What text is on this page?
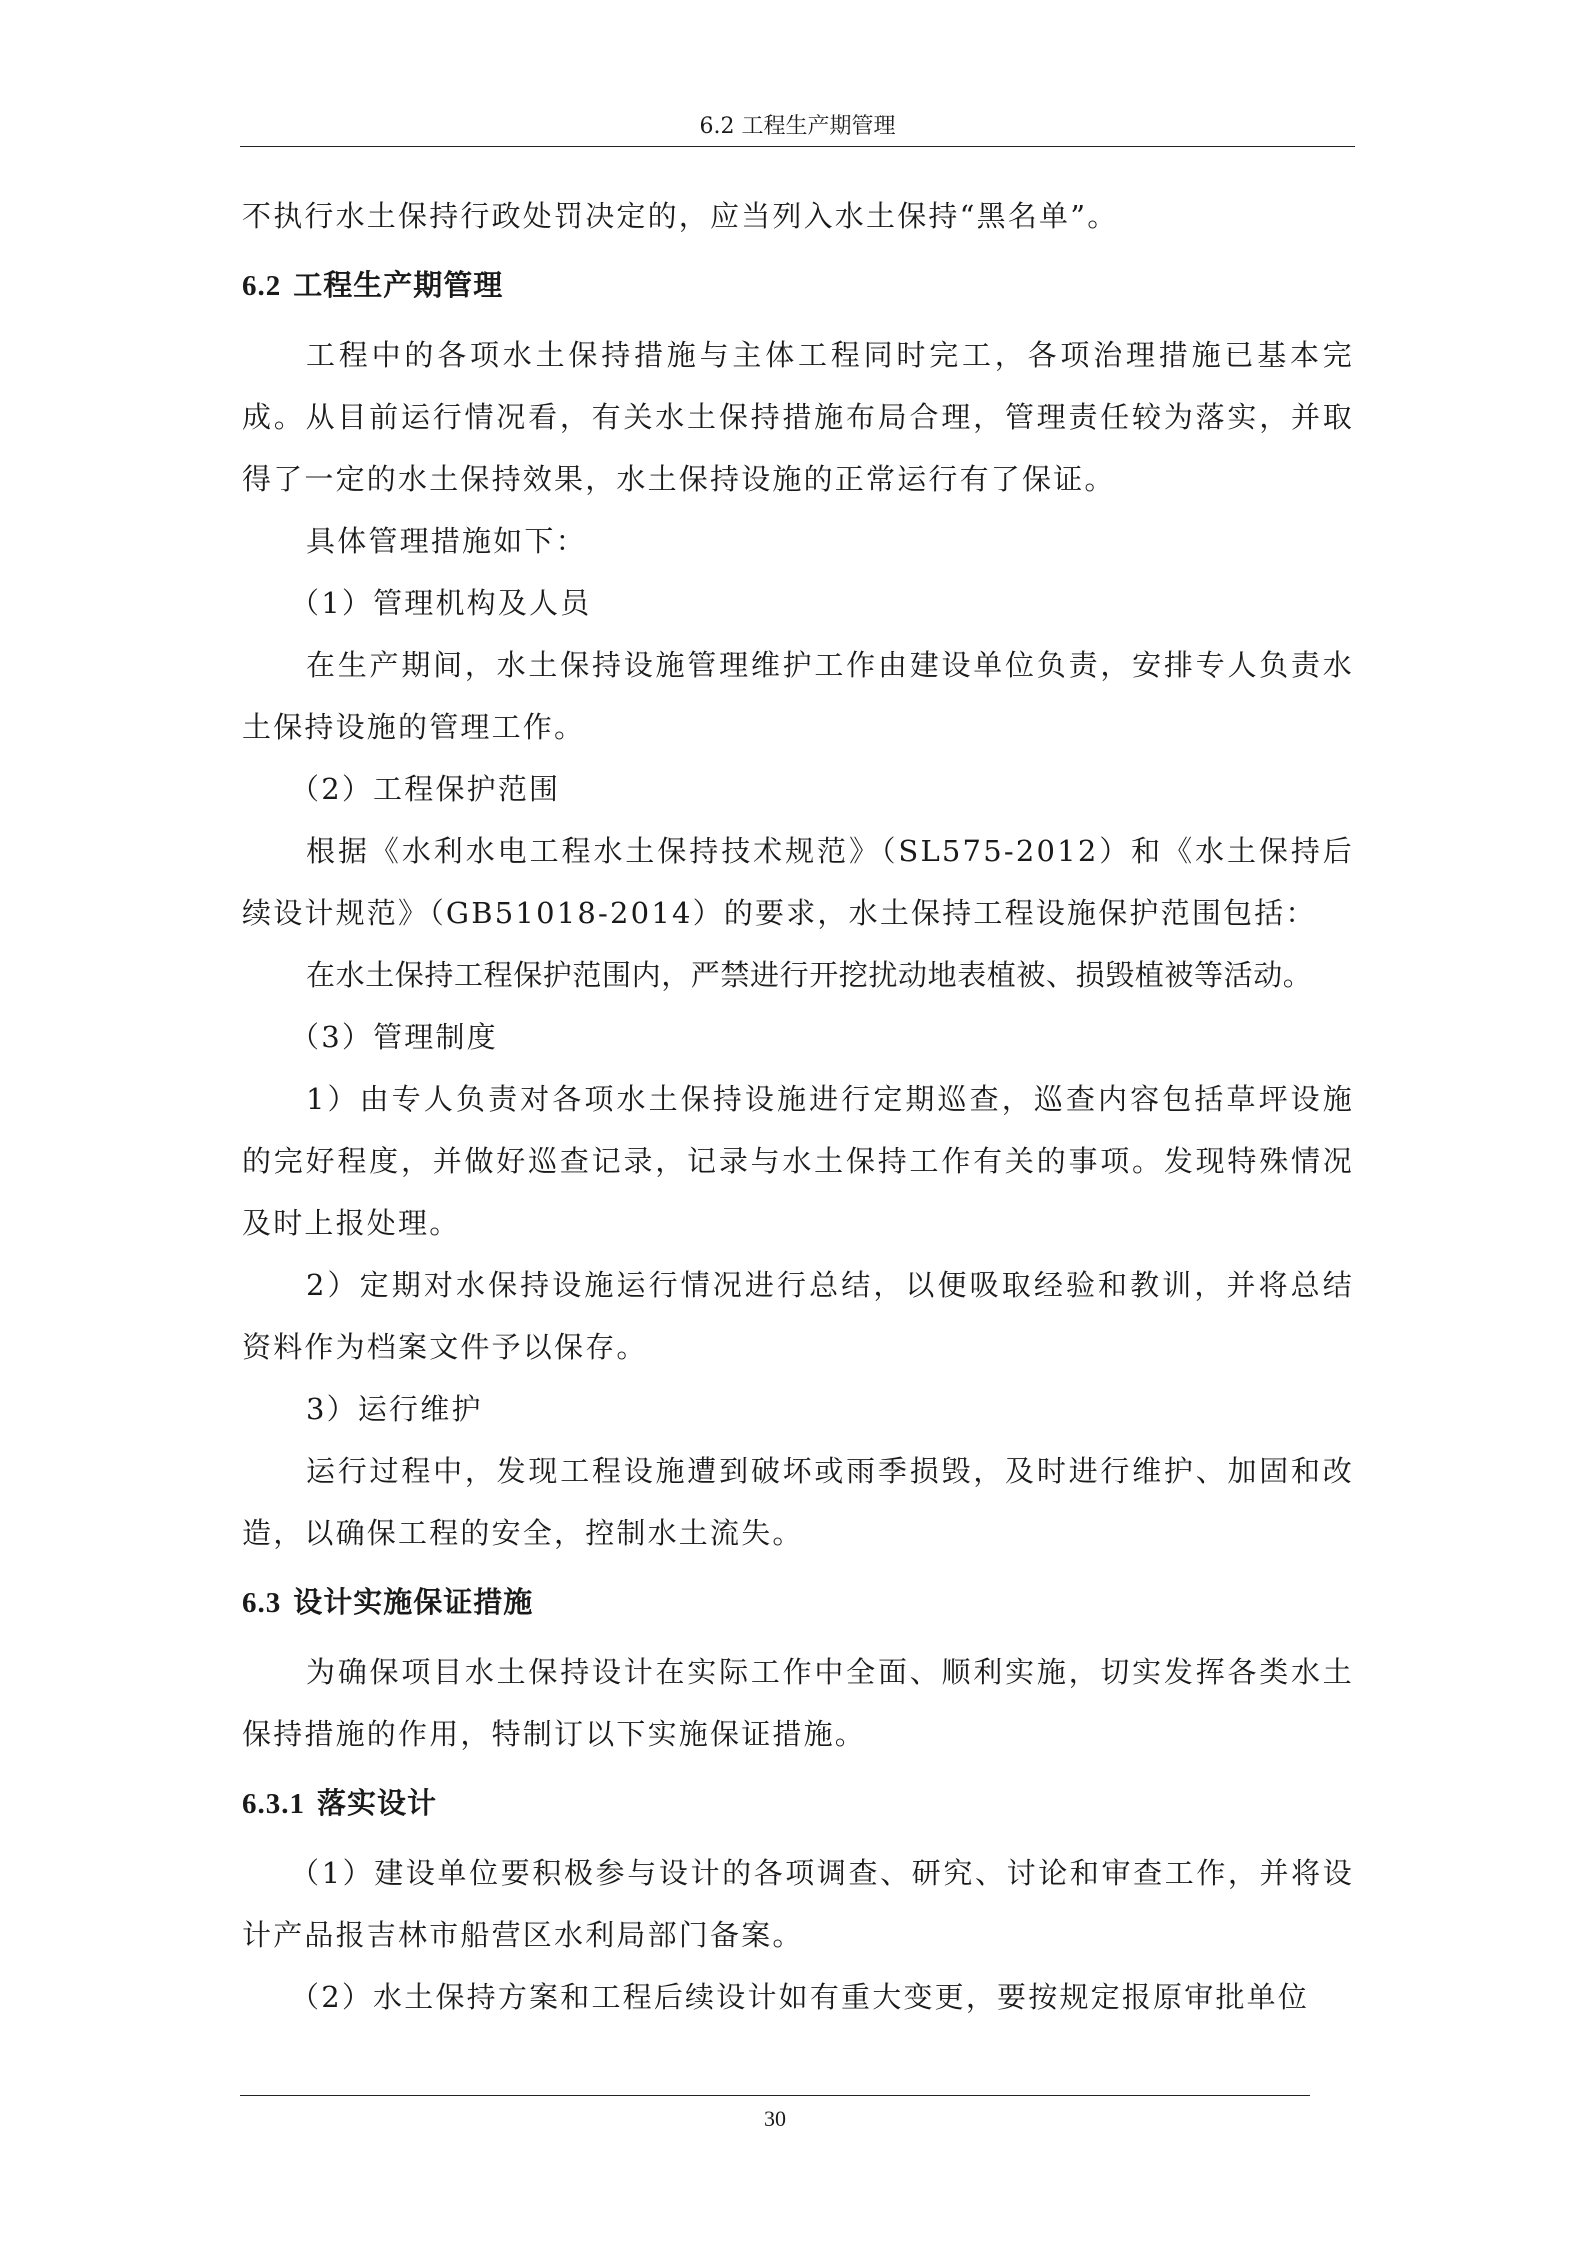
6.2 工程生产期管理

不执行水土保持行政处罚决定的，应当列入水土保持“黑名单”。

6.2 工程生产期管理

工程中的各项水土保持措施与主体工程同时完工，各项治理措施已基本完成。从目前运行情况看，有关水土保持措施布局合理，管理责任较为落实，并取得了一定的水土保持效果，水土保持设施的正常运行有了保证。

具体管理措施如下：

（1）管理机构及人员

在生产期间，水土保持设施管理维护工作由建设单位负责，安排专人负责水土保持设施的管理工作。

（2）工程保护范围

根据《水利水电工程水土保持技术规范》（SL575-2012）和《水土保持后续设计规范》（GB51018-2014）的要求，水土保持工程设施保护范围包括：

在水土保持工程保护范围内，严禁进行开挖扰动地表植被、损毁植被等活动。

（3）管理制度

1）由专人负责对各项水土保持设施进行定期巡查，巡查内容包括草坪设施的完好程度，并做好巡查记录，记录与水土保持工作有关的事项。发现特殊情况及时上报处理。

2）定期对水保持设施运行情况进行总结，以便吸取经验和教训，并将总结资料作为档案文件予以保存。

3）运行维护

运行过程中，发现工程设施遭到破坏或雨季损毁，及时进行维护、加固和改造，以确保工程的安全，控制水土流失。

6.3 设计实施保证措施

为确保项目水土保持设计在实际工作中全面、顺利实施，切实发挥各类水土保持措施的作用，特制订以下实施保证措施。

6.3.1 落实设计

（1）建设单位要积极参与设计的各项调查、研究、讨论和审查工作，并将设计产品报吉林市船营区水利局部门备案。

（2）水土保持方案和工程后续设计如有重大变更，要按规定报原审批单位

30
